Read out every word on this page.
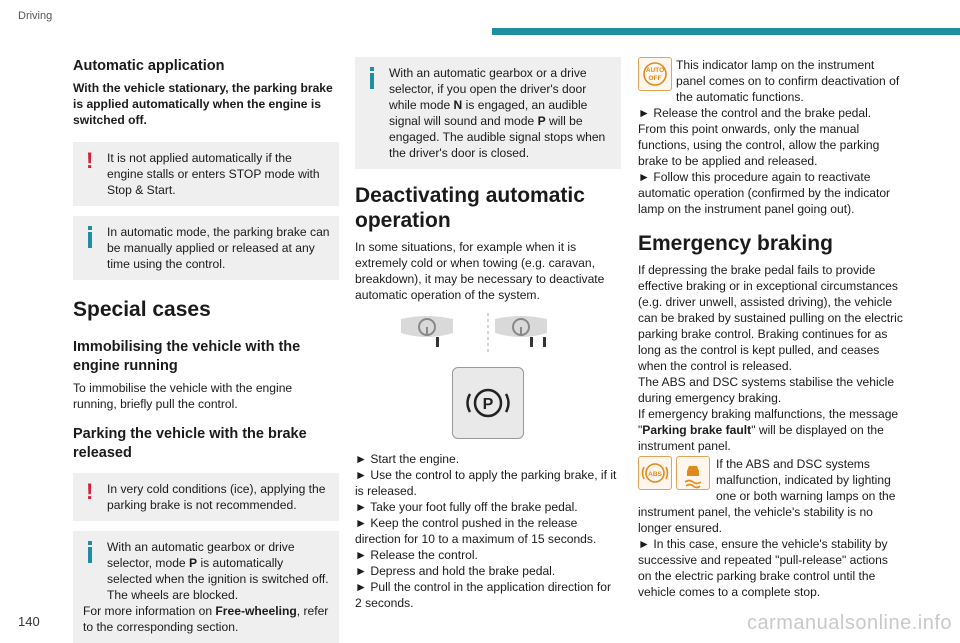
Driving
Automatic application

With the vehicle stationary, the parking brake is applied automatically when the engine is switched off.

!	It is not applied automatically if the engine stalls or enters STOP mode with Stop & Start.
In automatic mode, the parking brake can be manually applied or released at any time using the control.
Special cases
Immobilising the vehicle with the engine running

To immobilise the vehicle with the engine running, briefly pull the control.

Parking the vehicle with the brake released
!	In very cold conditions (ice), applying the parking brake is not recommended.
With an automatic gearbox or drive selector, mode P is automatically selected when the ignition is switched off. The wheels are blocked.
For more information on Free-wheeling, refer to the corresponding section.
With an automatic gearbox or a drive selector, if you open the driver's door while mode N is engaged, an audible signal will sound and mode P will be engaged. The audible signal stops when the driver's door is closed.
Deactivating automatic operation

In some situations, for example when it is extremely cold or when towing (e.g. caravan, breakdown), it may be necessary to deactivate automatic operation of the system.

P

► Start the engine.

► Use the control to apply the parking brake, if it is released.

► Take your foot fully off the brake pedal.

► Keep the control pushed in the release direction for 10 to a maximum of 15 seconds.

► Release the control.

► Depress and hold the brake pedal.

► Pull the control in the application direction for 2 seconds.

AUTO
OFF

This indicator lamp on the instrument panel comes on to confirm deactivation of the automatic functions.

► Release the control and the brake pedal.

From this point onwards, only the manual functions, using the control, allow the parking brake to be applied and released.

► Follow this procedure again to reactivate automatic operation (confirmed by the indicator lamp on the instrument panel going out).

Emergency braking

If depressing the brake pedal fails to provide effective braking or in exceptional circumstances (e.g. driver unwell, assisted driving), the vehicle can be braked by sustained pulling on the electric parking brake control. Braking continues for as long as the control is kept pulled, and ceases when the control is released.

The ABS and DSC systems stabilise the vehicle during emergency braking.

If emergency braking malfunctions, the message "Parking brake fault" will be displayed on the instrument panel.

ABS

If the ABS and DSC systems malfunction, indicated by lighting one or both warning lamps on the instrument panel, the vehicle's stability is no longer ensured.

► In this case, ensure the vehicle's stability by successive and repeated "pull-release" actions on the electric parking brake control until the vehicle comes to a complete stop.

140	carmanualsonline.info
